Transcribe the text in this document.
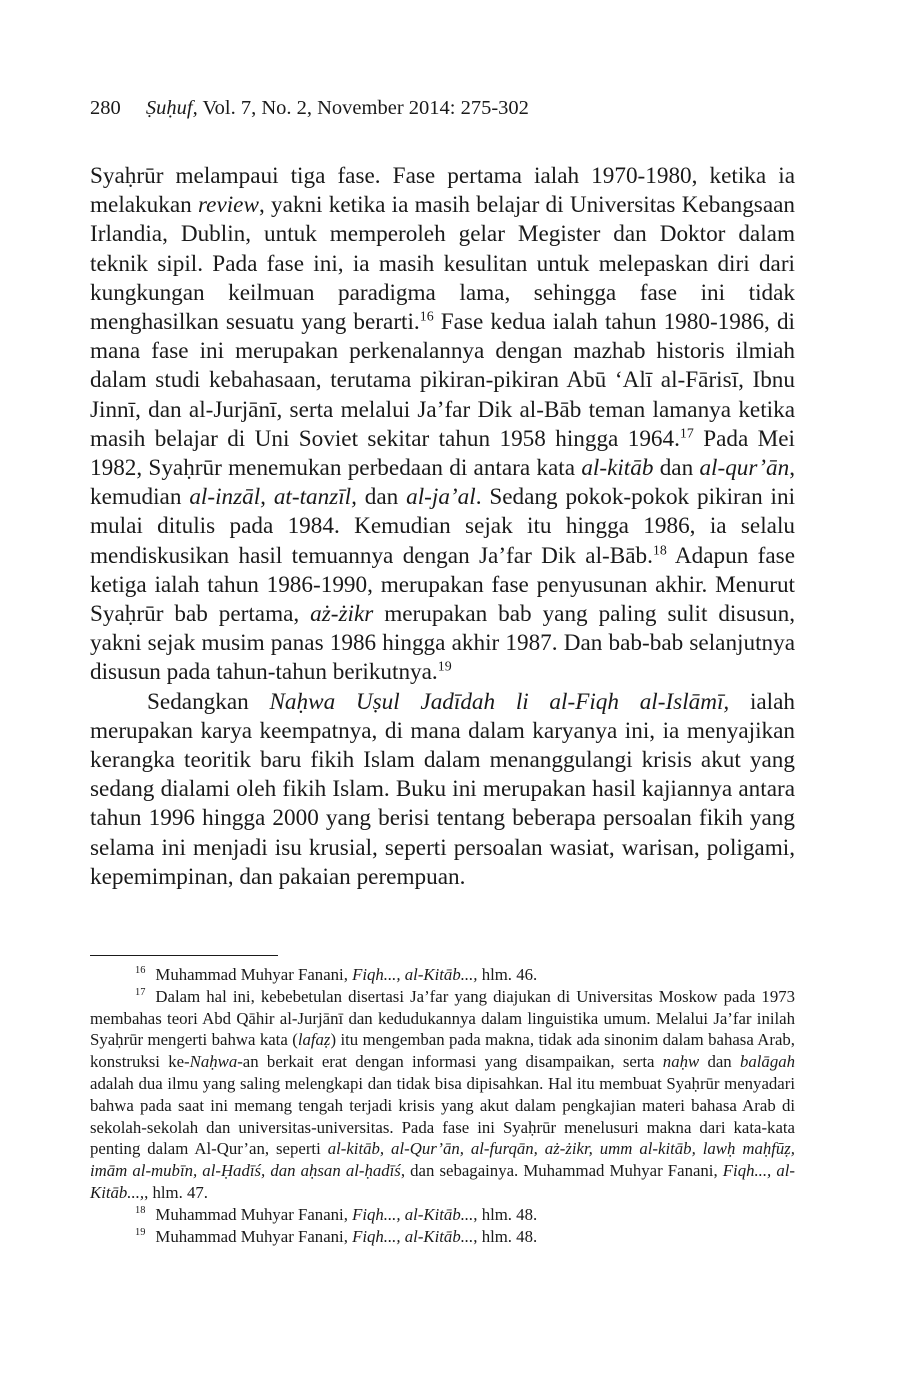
280 Ṣuḥuf, Vol. 7, No. 2, November 2014: 275-302

Syaḥrūr melampaui tiga fase. Fase pertama ialah 1970-1980, ketika ia melakukan review, yakni ketika ia masih belajar di Universitas Kebangsaan Irlandia, Dublin, untuk memperoleh gelar Megister dan Doktor dalam teknik sipil. Pada fase ini, ia masih kesulitan untuk melepaskan diri dari kungkungan keilmuan paradigma lama, sehingga fase ini tidak menghasilkan sesuatu yang berarti.$^{16}$ Fase kedua ialah tahun 1980-1986, di mana fase ini merupakan perkenalannya dengan mazhab historis ilmiah dalam studi kebahasaan, terutama pikiran-pikiran Abū ‘Alī al-Fārisī, Ibnu Jinnī, dan al-Jurjānī, serta melalui Ja’far Dik al-Bāb teman lamanya ketika masih belajar di Uni Soviet sekitar tahun 1958 hingga 1964.17 Pada Mei 1982, Syaḥrūr menemukan perbedaan di antara kata al-kitāb dan al-qur’ān, kemudian al-inzāl, at-tanzīl, dan al-ja’al. Sedang pokok-pokok pikiran ini mulai ditulis pada 1984. Kemudian sejak itu hingga 1986, ia selalu mendiskusikan hasil temuannya dengan Ja’far Dik al-Bāb.$^{18}$ Adapun fase ketiga ialah tahun 1986-1990, merupakan fase penyusunan akhir. Menurut Syaḥrūr bab pertama, aż-żikr merupakan bab yang paling sulit disusun, yakni sejak musim panas 1986 hingga akhir 1987. Dan bab-bab selanjutnya disusun pada tahun-tahun berikutnya.$^{19}$

Sedangkan Naḥwa Uṣul Jadīdah li al-Fiqh al-Islāmī, ialah merupakan karya keempatnya, di mana dalam karyanya ini, ia menyajikan kerangka teoritik baru fikih Islam dalam menanggulangi krisis akut yang sedang dialami oleh fikih Islam. Buku ini merupakan hasil kajiannya antara tahun 1996 hingga 2000 yang berisi tentang beberapa persoalan fikih yang selama ini menjadi isu krusial, seperti persoalan wasiat, warisan, poligami, kepemimpinan, dan pakaian perempuan.

$^{16}$ Muhammad Muhyar Fanani, Fiqh..., al-Kitāb..., hlm. 46.

$^{17}$ Dalam hal ini, kebebetulan disertasi Ja’far yang diajukan di Universitas Moskow pada 1973 membahas teori Abd Qāhir al-Jurjānī dan kedudukannya dalam linguistika umum. Melalui Ja’far inilah Syaḥrūr mengerti bahwa kata (lafaẓ) itu mengemban pada makna, tidak ada sinonim dalam bahasa Arab, konstruksi ke-Naḥwa-an berkait erat dengan informasi yang disampaikan, serta naḥw dan balāgah adalah dua ilmu yang saling melengkapi dan tidak bisa dipisahkan. Hal itu membuat Syaḥrūr menyadari bahwa pada saat ini memang tengah terjadi krisis yang akut dalam pengkajian materi bahasa Arab di sekolah-sekolah dan universitas-universitas. Pada fase ini Syaḥrūr menelusuri makna dari kata-kata penting dalam Al-Qur’an, seperti al-kitāb, al-Qur’ān, al-furqān, aż-żikr, umm al-kitāb, lawḥ maḥfūẓ, imām al-mubīn, al-Ḥadīś, dan aḥsan al-ḥadīś, dan sebagainya. Muhammad Muhyar Fanani, Fiqh..., al-Kitāb...,, hlm. 47.

$^{18}$ Muhammad Muhyar Fanani, Fiqh..., al-Kitāb..., hlm. 48.

$^{19}$ Muhammad Muhyar Fanani, Fiqh..., al-Kitāb..., hlm. 48.
